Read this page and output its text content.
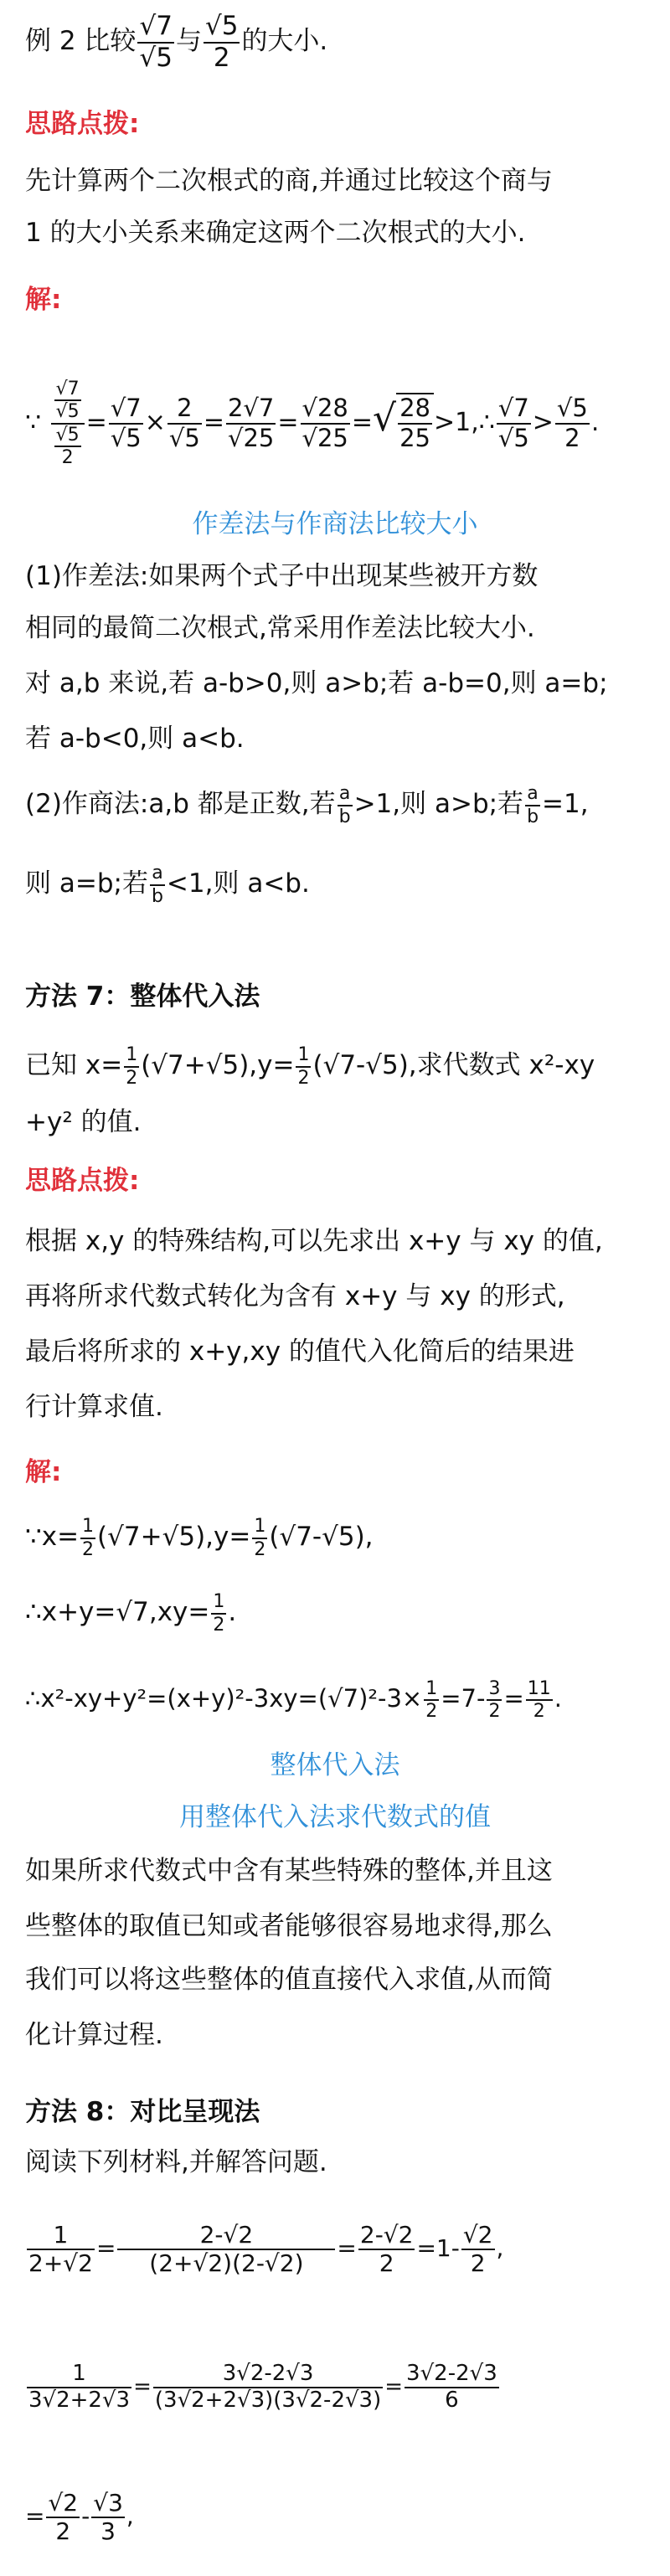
例 2 比较 $\frac{√7}{√5}$ 与 $\frac{√5}{2}$ 的大小.
思路点拨:
先计算两个二次根式的商,并通过比较这个商与
1 的大小关系来确定这两个二次根式的大小.
解:
∵ $\frac{\frac{√7}{√5}}{\frac{√5}{2}} = \frac{√7}{√5} \times \frac{2}{√5} = \frac{2√7}{√25} = \frac{√28}{√25}$ =√ $\frac{28}{25}$ >1,∴ $\frac{√7}{√5} > \frac{√5}{2}$ .
作差法与作商法比较大小
(1)作差法:如果两个式子中出现某些被开方数
相同的最简二次根式,常采用作差法比较大小.
对 a,b 来说,若 a-b>0,则 a>b;若 a-b=0,则 a=b;
若 a-b<0,则 a<b.
(2)作商法:a,b 都是正数,若 $\frac{a}{b} >1$,则 a>b;若 $\frac{a}{b} =1$,
则 a=b;若 $\frac{a}{b} <1$,则 a<b.
方法 7：整体代入法
已知 $x= \frac{1}{2} (√7+√5),y= \frac{1}{2} (√7-√5)$,求代数式 x²-xy
+y² 的值.
思路点拨:
根据 x,y 的特殊结构,可以先求出 x+y 与 xy 的值,
再将所求代数式转化为含有 x+y 与 xy 的形式,
最后将所求的 x+y,xy 的值代入化简后的结果进
行计算求值.
解:
∵x= $\frac{1}{2} (√7+√5),y= \frac{1}{2} (√7-√5)$,
∴x+y=√7,xy= $\frac{1}{2}$ .
∴x²-xy+y²=(x+y)²-3xy=(√7)²-3× $\frac{1}{2} =7- \frac{3}{2} = \frac{11}{2}$ .
整体代入法
用整体代入法求代数式的值
如果所求代数式中含有某些特殊的整体,并且这
些整体的取值已知或者能够很容易地求得,那么
我们可以将这些整体的值直接代入求值,从而简
化计算过程.
方法 8：对比呈现法
阅读下列材料,并解答问题.
$\frac{1}{2+√2} = \frac{2-√2}{(2+√2)(2-√2)} = \frac{2-√2}{2} =1- \frac{√2}{2}$ ,
$\frac{1}{3√2+2√3} = \frac{3√2-2√3}{(3√2+2√3)(3√2-2√3)} = \frac{3√2-2√3}{6}$
= $\frac{√2}{2} - \frac{√3}{3}$ ,
